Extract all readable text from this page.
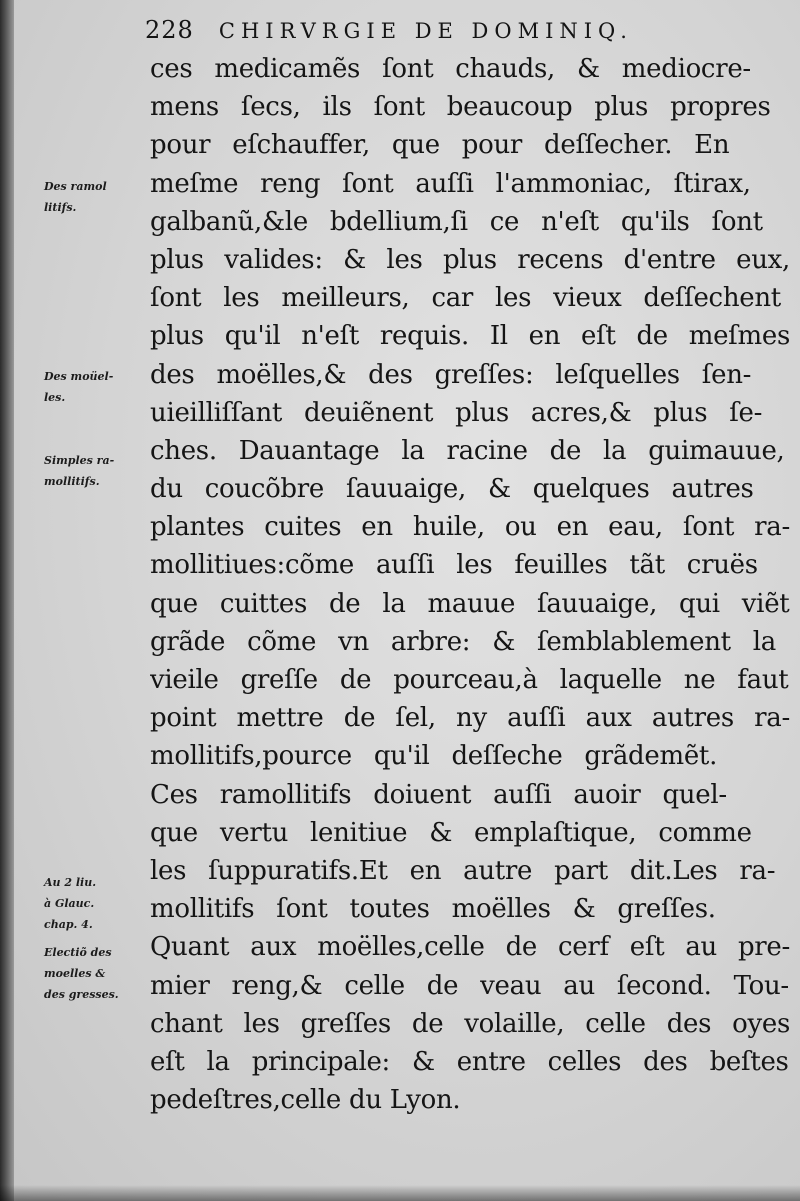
228 CHIRVRGIE DE DOMINIQ.
Des ramol
litifs.
Des moüel-
les.
Simples ra-
mollitifs.
Au 2 liu.
à Glauc.
chap. 4.
Electiõ des
moelles &
des gresses.
ces medicamẽs ſont chauds, & mediocre-
mens ſecs, ils ſont beaucoup plus propres
pour eſchauffer, que pour deſſecher. En
meſme reng ſont auſſi l'ammoniac, ſtirax,
galbanũ,&le bdellium,ſi ce n'eſt qu'ils ſont
plus valides: & les plus recens d'entre eux,
ſont les meilleurs, car les vieux deſſechent
plus qu'il n'eſt requis. Il en eſt de meſmes
des moëlles,& des greſſes: leſquelles ſen-
uieilliſſant deuiẽnent plus acres,& plus ſe-
ches. Dauantage la racine de la guimauue,
du coucõbre ſauuaige, & quelques autres
plantes cuites en huile, ou en eau, ſont ra-
mollitiues:cõme auſſi les feuilles tãt cruës
que cuittes de la mauue ſauuaige, qui viẽt
grãde cõme vn arbre: & ſemblablement la
vieile greſſe de pourceau,à laquelle ne faut
point mettre de ſel, ny auſſi aux autres ra-
mollitifs,pource qu'il deſſeche grãdemẽt.
Ces ramollitifs doiuent auſſi auoir quel-
que vertu lenitiue & emplaſtique, comme
les ſuppuratifs.Et en autre part dit.Les ra-
mollitifs ſont toutes moëlles & greſſes.
Quant aux moëlles,celle de cerf eſt au pre-
mier reng,& celle de veau au ſecond. Tou-
chant les greſſes de volaille, celle des oyes
eſt la principale: & entre celles des beſtes
pedeſtres,celle du Lyon.
